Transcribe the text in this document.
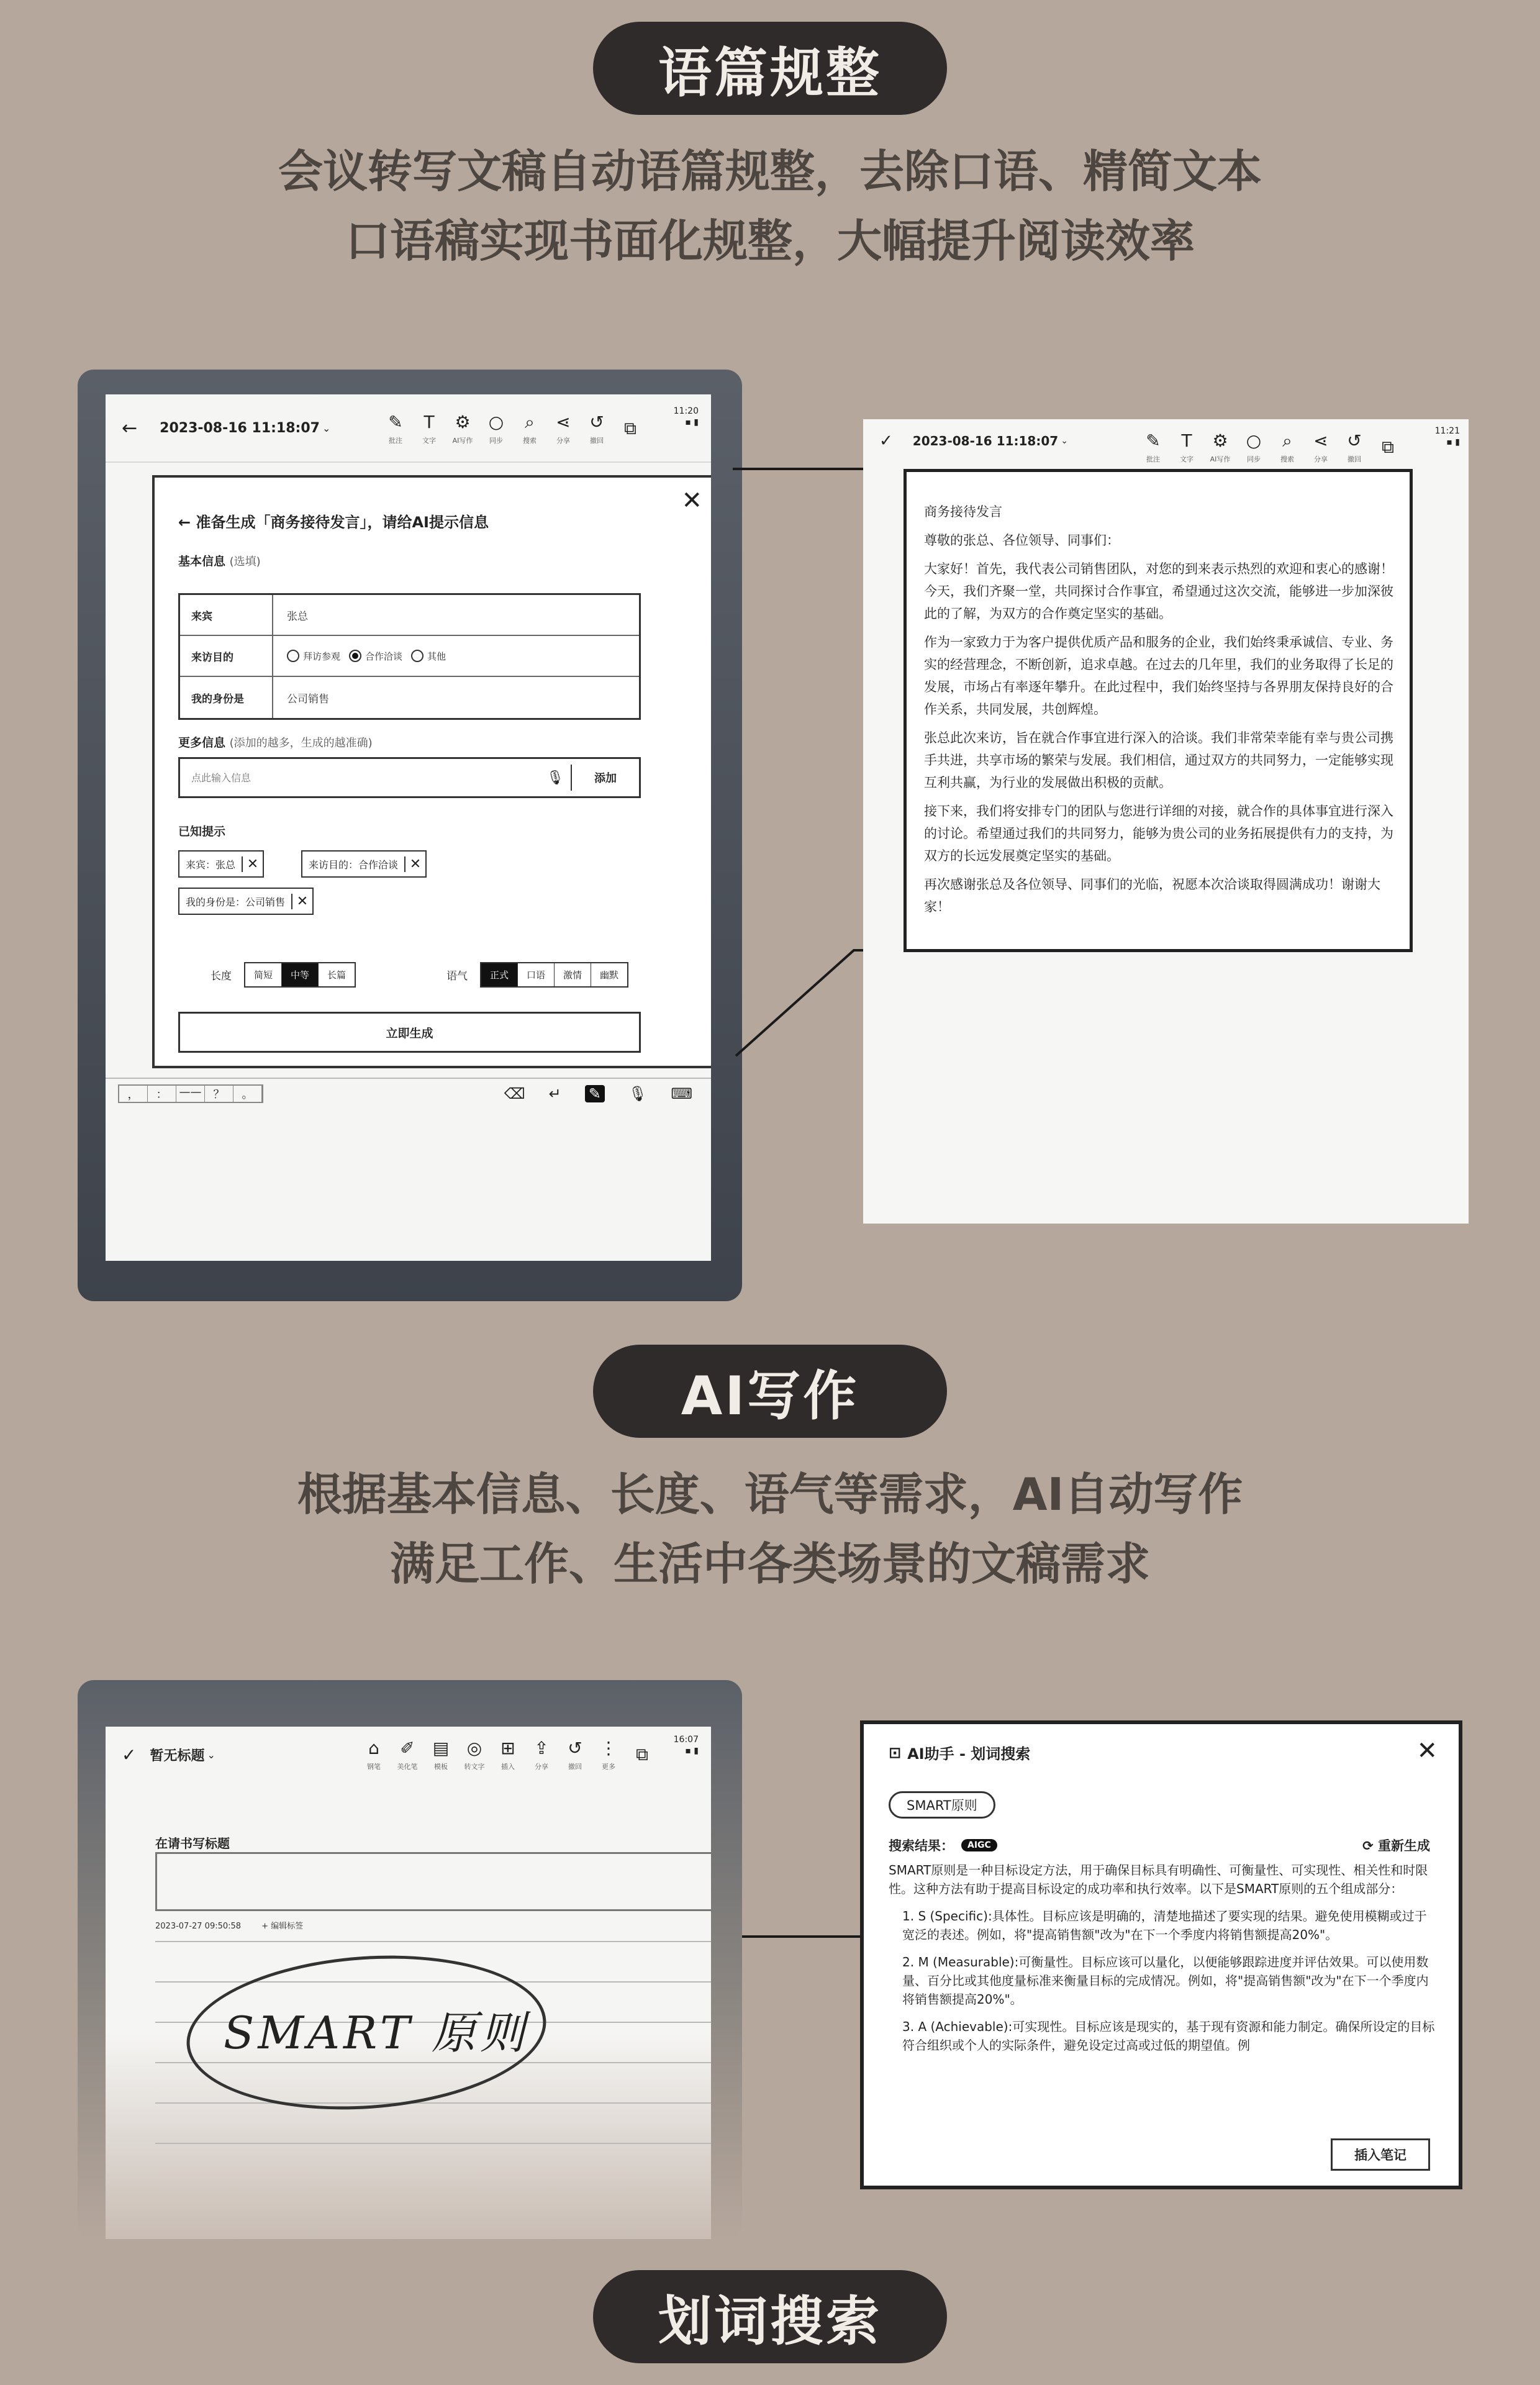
语篇规整
会议转写文稿自动语篇规整，去除口语、精简文本
口语稿实现书面化规整，大幅提升阅读效率
← 2023-08-16 11:18:07 ⌄	✎
批注
T
文字
⚙
AI写作
○
同步
⌕
搜索
⋖
分享
↺
撤回
⧉
11:20
▪ ▮
← 准备生成「商务接待发言」，请给AI提示信息
✕
基本信息 (选填)
来宾	张总
来访目的	拜访参观	合作洽谈	其他
我的身份是	公司销售
更多信息 (添加的越多，生成的越准确)
点此输入信息
🎙	添加
已知提示
来宾：张总 ✕	来访目的：合作洽谈 ✕
我的身份是：公司销售 ✕
长度	简短	中等	长篇	语气	正式	口语	激情	幽默
立即生成
，	：	——	？	。	⌫ ↵ ✎ 🎙 ⌨
✓ 2023-08-16 11:18:07 ⌄	✎
批注
T
文字
⚙
AI写作
○
同步
⌕
搜索
⋖
分享
↺
撤回
⧉
11:21
▪ ▮

商务接待发言

尊敬的张总、各位领导、同事们：

大家好！首先，我代表公司销售团队，对您的到来表示热烈的欢迎和衷心的感谢！今天，我们齐聚一堂，共同探讨合作事宜，希望通过这次交流，能够进一步加深彼此的了解，为双方的合作奠定坚实的基础。

作为一家致力于为客户提供优质产品和服务的企业，我们始终秉承诚信、专业、务实的经营理念，不断创新，追求卓越。在过去的几年里，我们的业务取得了长足的发展，市场占有率逐年攀升。在此过程中，我们始终坚持与各界朋友保持良好的合作关系，共同发展，共创辉煌。

张总此次来访，旨在就合作事宜进行深入的洽谈。我们非常荣幸能有幸与贵公司携手共进，共享市场的繁荣与发展。我们相信，通过双方的共同努力，一定能够实现互利共赢，为行业的发展做出积极的贡献。

接下来，我们将安排专门的团队与您进行详细的对接，就合作的具体事宜进行深入的讨论。希望通过我们的共同努力，能够为贵公司的业务拓展提供有力的支持，为双方的长远发展奠定坚实的基础。

再次感谢张总及各位领导、同事们的光临，祝愿本次洽谈取得圆满成功！谢谢大家！

AI写作
根据基本信息、长度、语气等需求，AI自动写作
满足工作、生活中各类场景的文稿需求
✓ 暂无标题 ⌄	⌂
钢笔
✐
美化笔
▤
模板
◎
转文字
⊞
插入
⇪
分享
↺
撤回
⋮
更多
⧉
16:07
▪ ▮
在请书写标题
2023-07-27 09:50:58	+ 编辑标签
SMART 原则
⊡ AI助手 - 划词搜索	✕
SMART原则
搜索结果：	AIGC	⟳ 重新生成

SMART原则是一种目标设定方法，用于确保目标具有明确性、可衡量性、可实现性、相关性和时限性。这种方法有助于提高目标设定的成功率和执行效率。以下是SMART原则的五个组成部分：

1. S (Specific):具体性。目标应该是明确的，清楚地描述了要实现的结果。避免使用模糊或过于宽泛的表述。例如，将"提高销售额"改为"在下一个季度内将销售额提高20%"。

2. M (Measurable):可衡量性。目标应该可以量化，以便能够跟踪进度并评估效果。可以使用数量、百分比或其他度量标准来衡量目标的完成情况。例如，将"提高销售额"改为"在下一个季度内将销售额提高20%"。

3. A (Achievable):可实现性。目标应该是现实的，基于现有资源和能力制定。确保所设定的目标符合组织或个人的实际条件，避免设定过高或过低的期望值。例

插入笔记
划词搜索
